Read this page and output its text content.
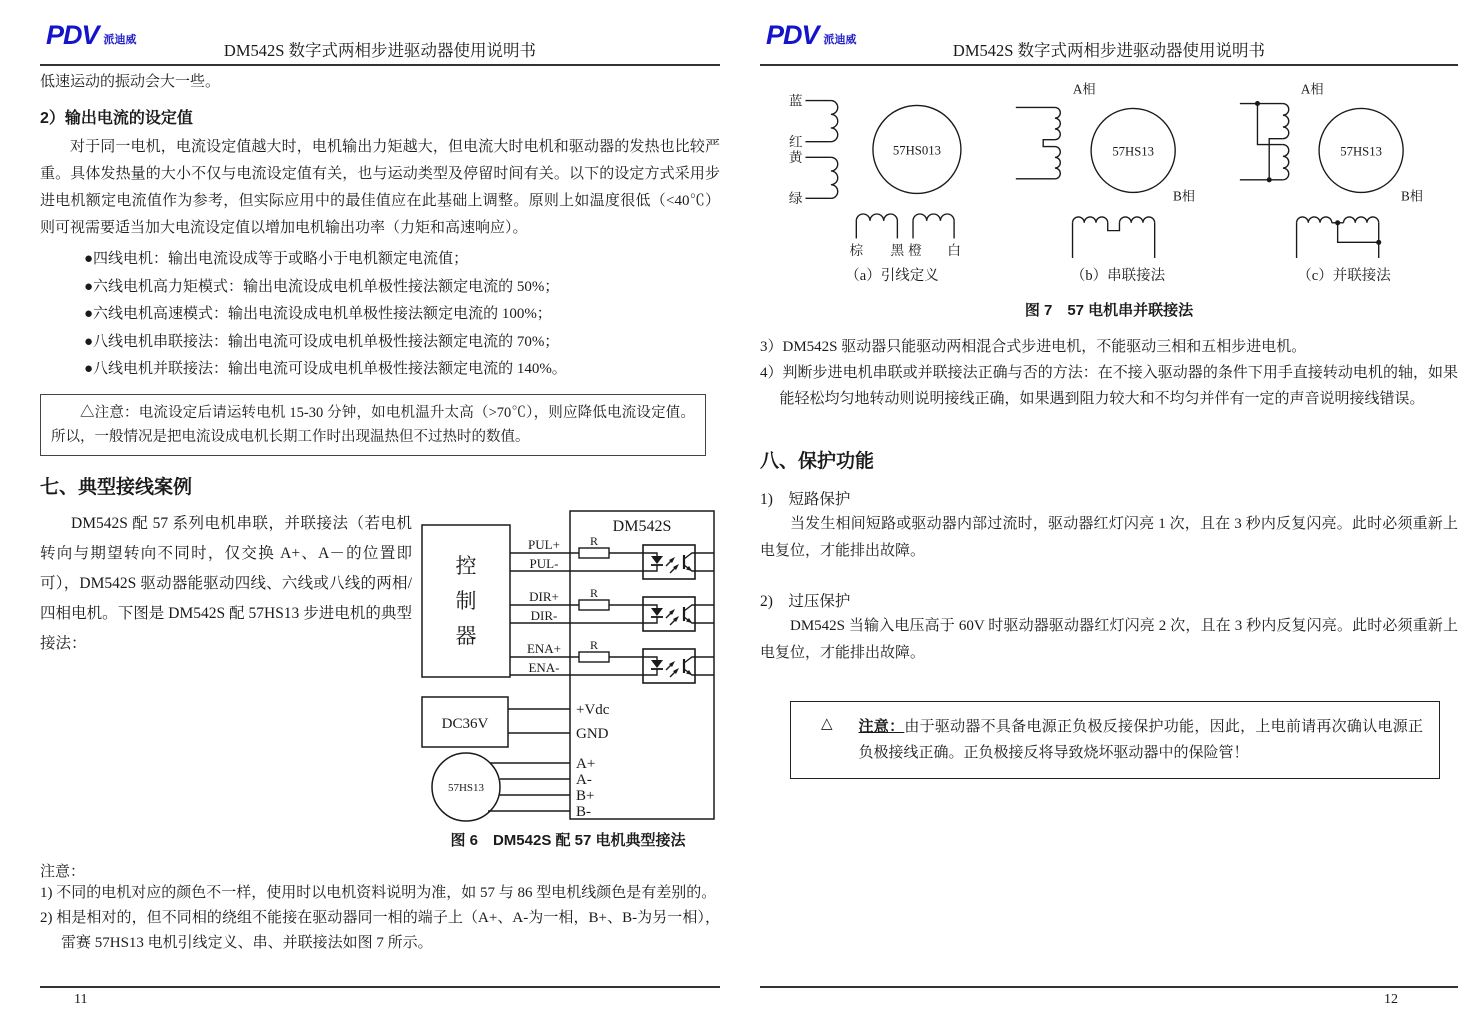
PDV 派迪威
DM542S 数字式两相步进驱动器使用说明书

低速运动的振动会大一些。

2）输出电流的设定值

对于同一电机，电流设定值越大时，电机输出力矩越大，但电流大时电机和驱动器的发热也比较严重。具体发热量的大小不仅与电流设定值有关，也与运动类型及停留时间有关。以下的设定方式采用步进电机额定电流值作为参考，但实际应用中的最佳值应在此基础上调整。原则上如温度很低（<40℃）则可视需要适当加大电流设定值以增加电机输出功率（力矩和高速响应）。

●四线电机：输出电流设成等于或略小于电机额定电流值；
●六线电机高力矩模式：输出电流设成电机单极性接法额定电流的 50%；
●六线电机高速模式：输出电流设成电机单极性接法额定电流的 100%；
●八线电机串联接法：输出电流可设成电机单极性接法额定电流的 70%；
●八线电机并联接法：输出电流可设成电机单极性接法额定电流的 140%。
△注意：电流设定后请运转电机 15-30 分钟，如电机温升太高（>70℃），则应降低电流设定值。所以，一般情况是把电流设成电机长期工作时出现温热但不过热时的数值。
七、典型接线案例

DM542S 配 57 系列电机串联，并联接法（若电机转向与期望转向不同时，仅交换 A+、A－的位置即可），DM542S 驱动器能驱动四线、六线或八线的两相/四相电机。下图是 DM542S 配 57HS13 步进电机的典型接法：

控
制
器
DM542S
DC36V
57HS13
PUL+
PUL-
R
DIR+
DIR-
R
ENA+
ENA-
R
+Vdc
GND
A+
A-
B+
B-
图 6　DM542S 配 57 电机典型接法

注意：

1) 不同的电机对应的颜色不一样，使用时以电机资料说明为准，如 57 与 86 型电机线颜色是有差别的。

2) 相是相对的，但不同相的绕组不能接在驱动器同一相的端子上（A+、A-为一相，B+、B-为另一相），雷赛 57HS13 电机引线定义、串、并联接法如图 7 所示。

11
PDV 派迪威
DM542S 数字式两相步进驱动器使用说明书
蓝
红
黄
绿
57HS013
棕 黑 橙 白
（a）引线定义
A相
57HS13
B相
（b）串联接法
A相
57HS13
B相
（c）并联接法
图 7　57 电机串并联接法

3）DM542S 驱动器只能驱动两相混合式步进电机，不能驱动三相和五相步进电机。

4）判断步进电机串联或并联接法正确与否的方法：在不接入驱动器的条件下用手直接转动电机的轴，如果能轻松均匀地转动则说明接线正确，如果遇到阻力较大和不均匀并伴有一定的声音说明接线错误。

八、保护功能

1)　短路保护

当发生相间短路或驱动器内部过流时，驱动器红灯闪亮 1 次，且在 3 秒内反复闪亮。此时必须重新上电复位，才能排出故障。

2)　过压保护

DM542S 当输入电压高于 60V 时驱动器驱动器红灯闪亮 2 次，且在 3 秒内反复闪亮。此时必须重新上电复位，才能排出故障。

△ 注意：由于驱动器不具备电源正负极反接保护功能，因此，上电前请再次确认电源正负极接线正确。正负极接反将导致烧坏驱动器中的保险管！
12
